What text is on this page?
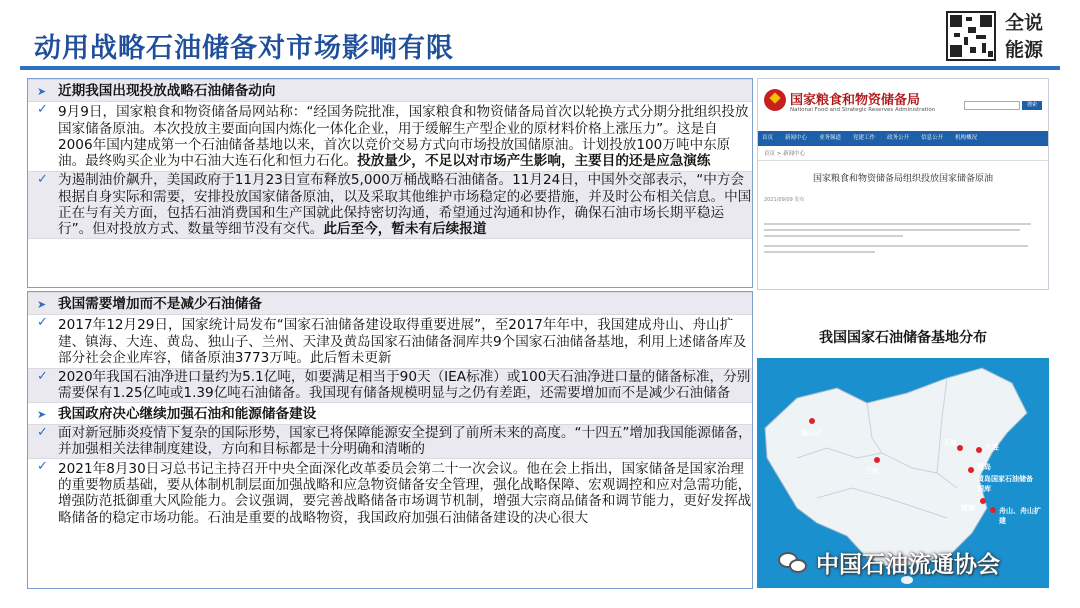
动用战略石油储备对市场影响有限
全说
能源
➤ 近期我国出现投放战略石油储备动向
✓ 9月9日，国家粮食和物资储备局网站称：“经国务院批准，国家粮食和物资储备局首次以轮换方式分期分批组织投放国家储备原油。本次投放主要面向国内炼化一体化企业，用于缓解生产型企业的原材料价格上涨压力”。这是自2006年国内建成第一个石油储备基地以来，首次以竞价交易方式向市场投放国储原油。计划投放100万吨中东原油。最终购买企业为中石油大连石化和恒力石化。投放量少，不足以对市场产生影响，主要目的还是应急演练
✓ 为遏制油价飙升，美国政府于11月23日宣布释放5,000万桶战略石油储备。11月24日，中国外交部表示，“中方会根据自身实际和需要，安排投放国家储备原油，以及采取其他维护市场稳定的必要措施，并及时公布相关信息。中国正在与有关方面，包括石油消费国和生产国就此保持密切沟通，希望通过沟通和协作，确保石油市场长期平稳运行”。但对投放方式、数量等细节没有交代。此后至今，暂未有后续报道
➤ 我国需要增加而不是减少石油储备
✓ 2017年12月29日，国家统计局发布“国家石油储备建设取得重要进展”，至2017年年中，我国建成舟山、舟山扩建、镇海、大连、黄岛、独山子、兰州、天津及黄岛国家石油储备洞库共9个国家石油储备基地，利用上述储备库及部分社会企业库容，储备原油3773万吨。此后暂未更新
✓ 2020年我国石油净进口量约为5.1亿吨，如要满足相当于90天（IEA标准）或100天石油净进口量的储备标准，分别需要保有1.25亿吨或1.39亿吨石油储备。我国现有储备规模明显与之仍有差距，还需要增加而不是减少石油储备
➤ 我国政府决心继续加强石油和能源储备建设
✓ 面对新冠肺炎疫情下复杂的国际形势，国家已将保障能源安全提到了前所未来的高度。“十四五”增加我国能源储备，并加强相关法律制度建设，方向和目标都是十分明确和清晰的
✓ 2021年8月30日习总书记主持召开中央全面深化改革委员会第二十一次会议。他在会上指出，国家储备是国家治理的重要物质基础，要从体制机制层面加强战略和应急物资储备安全管理，强化战略保障、宏观调控和应对急需功能，增强防范抵御重大风险能力。会议强调，要完善战略储备市场调节机制，增强大宗商品储备和调节能力，更好发挥战略储备的稳定市场功能。石油是重要的战略物资，我国政府加强石油储备建设的决心很大
国家粮食和物资储备局
National Food and Strategic Reserves Administration
搜索
首页 新闻中心 业务频道 党建工作 政务公开 信息公开 机构概况
首页 > 新闻中心
国家粮食和物资储备局组织投放国家储备原油
2021/09/09 发布
我国国家石油储备基地分布
独山子
兰州
天津	大连
黄岛
黄岛国家石油储备洞库
镇海	舟山、舟山扩建
中国石油流通协会
